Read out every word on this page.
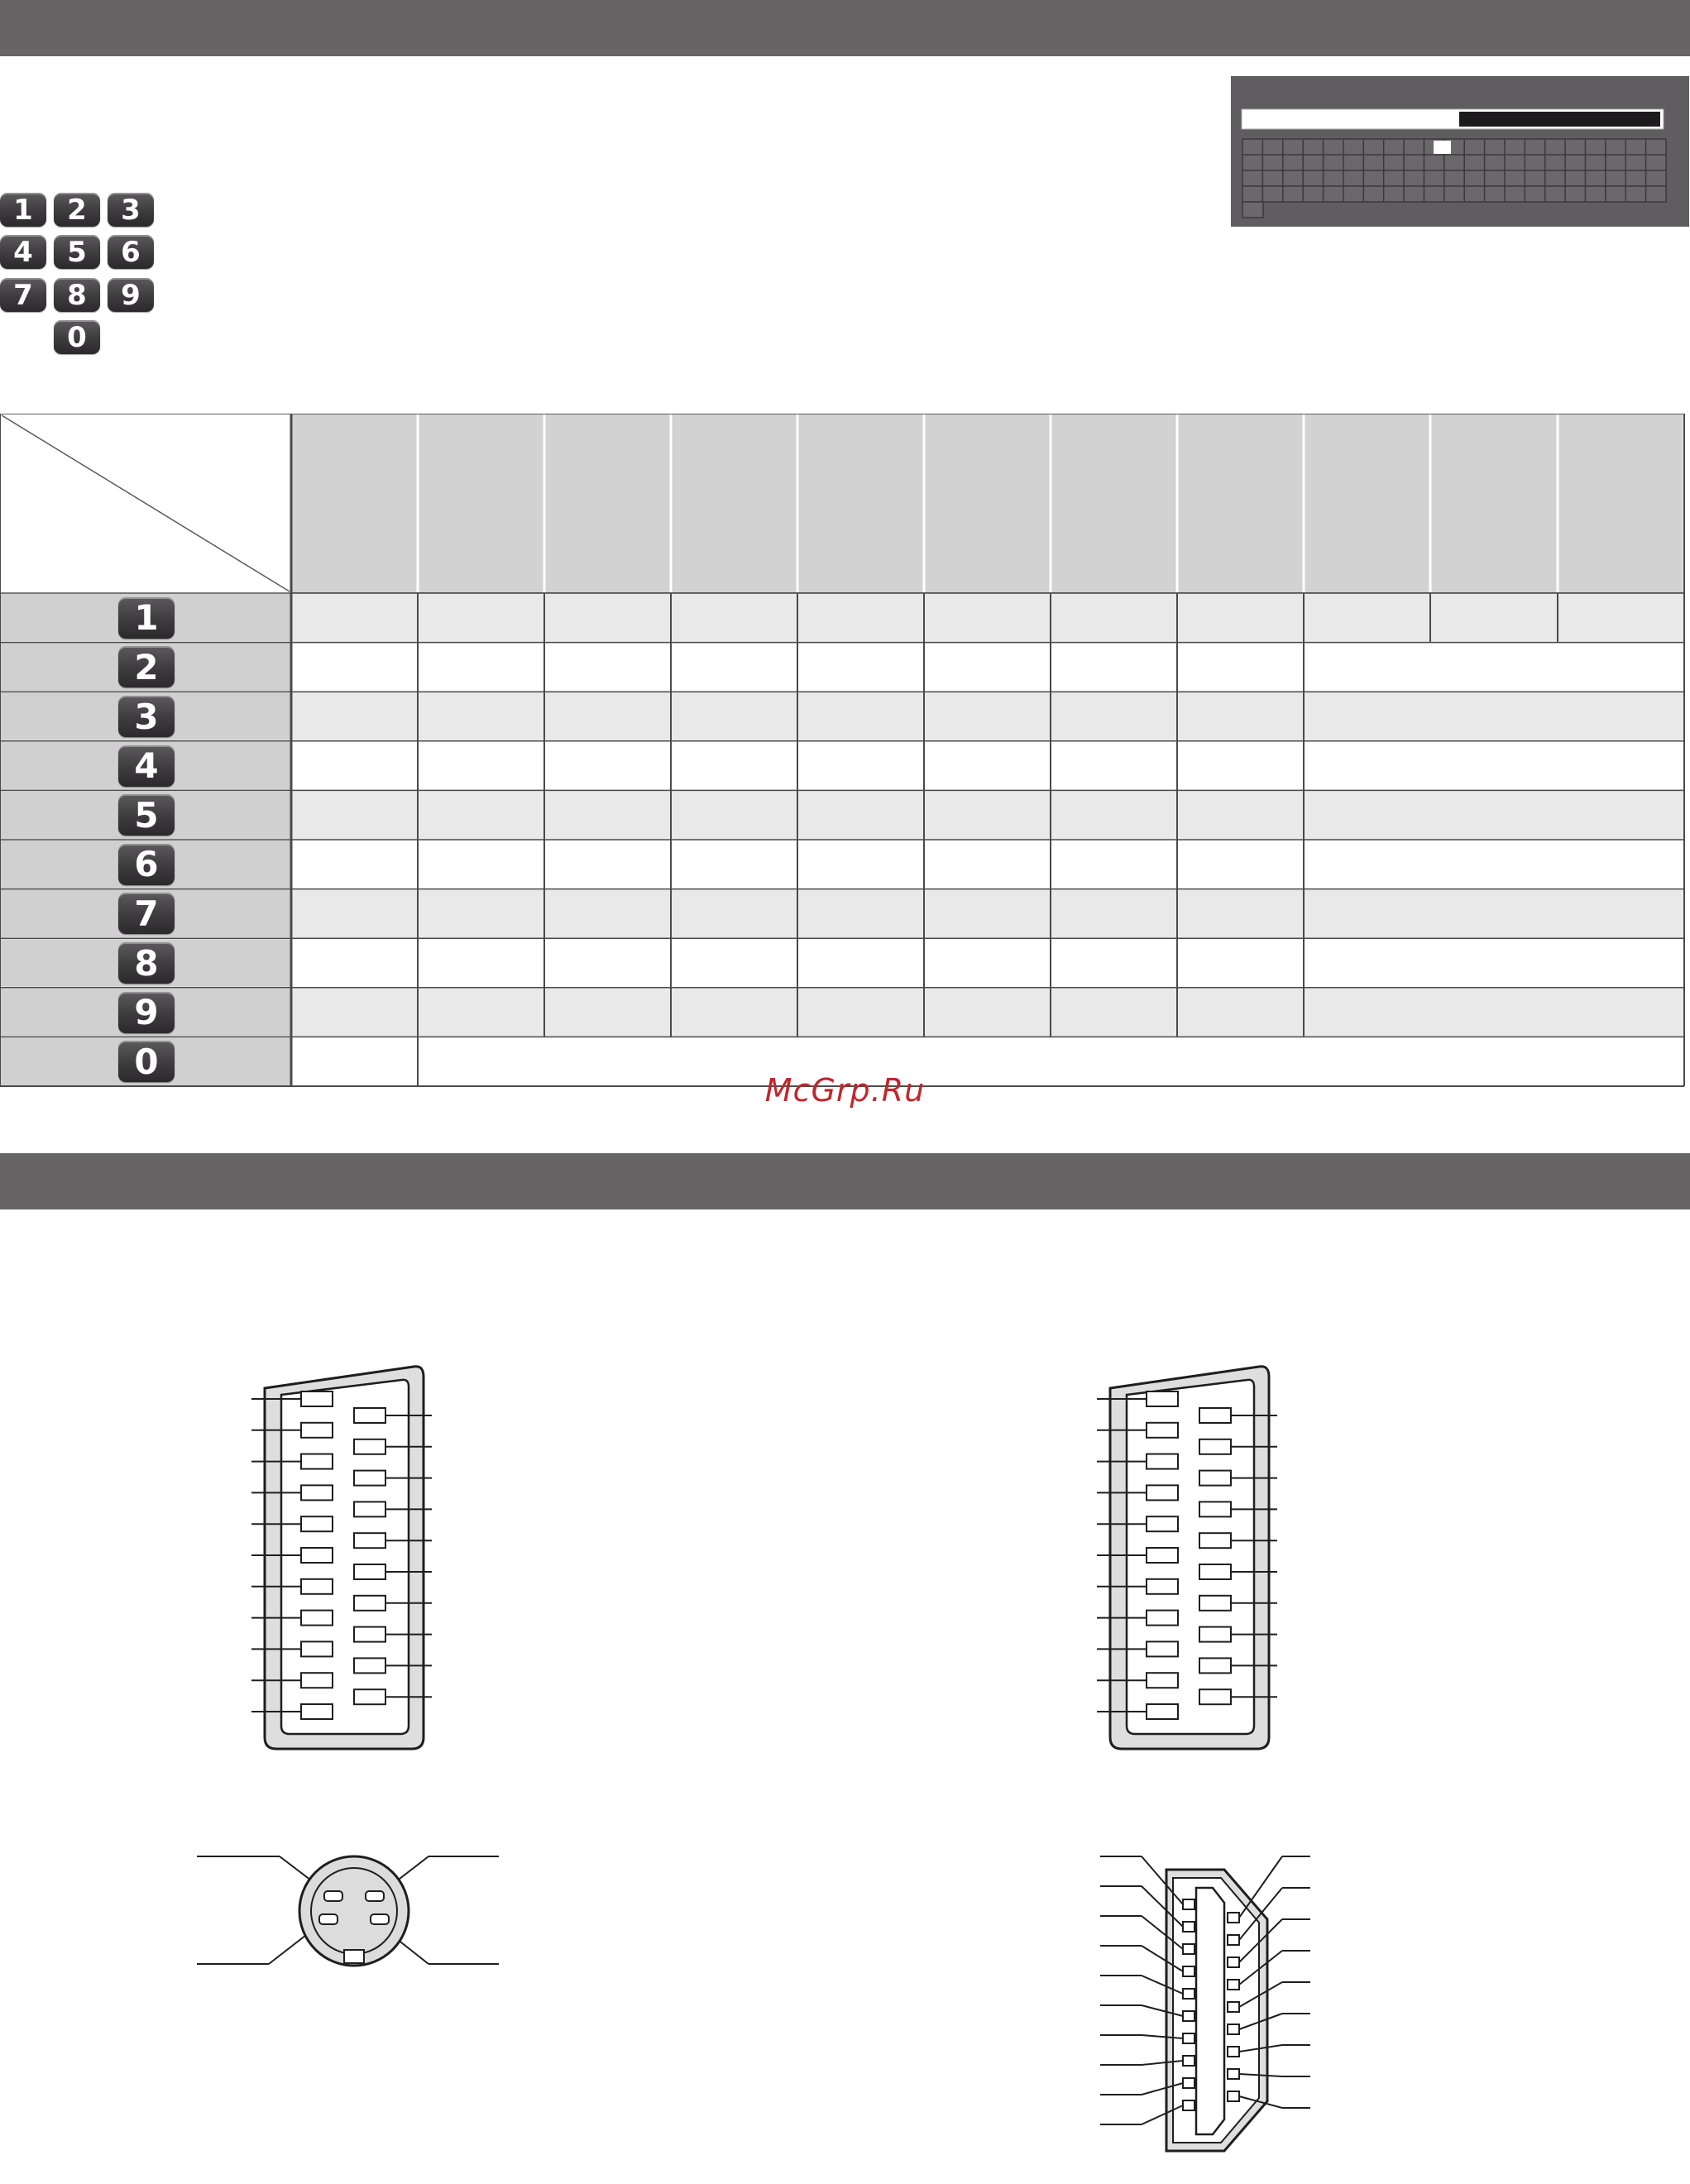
1	2	3
4	5	6
7	8	9
0
McGrp.Ru
1
2
3
4
5
6
7
8
9
0
